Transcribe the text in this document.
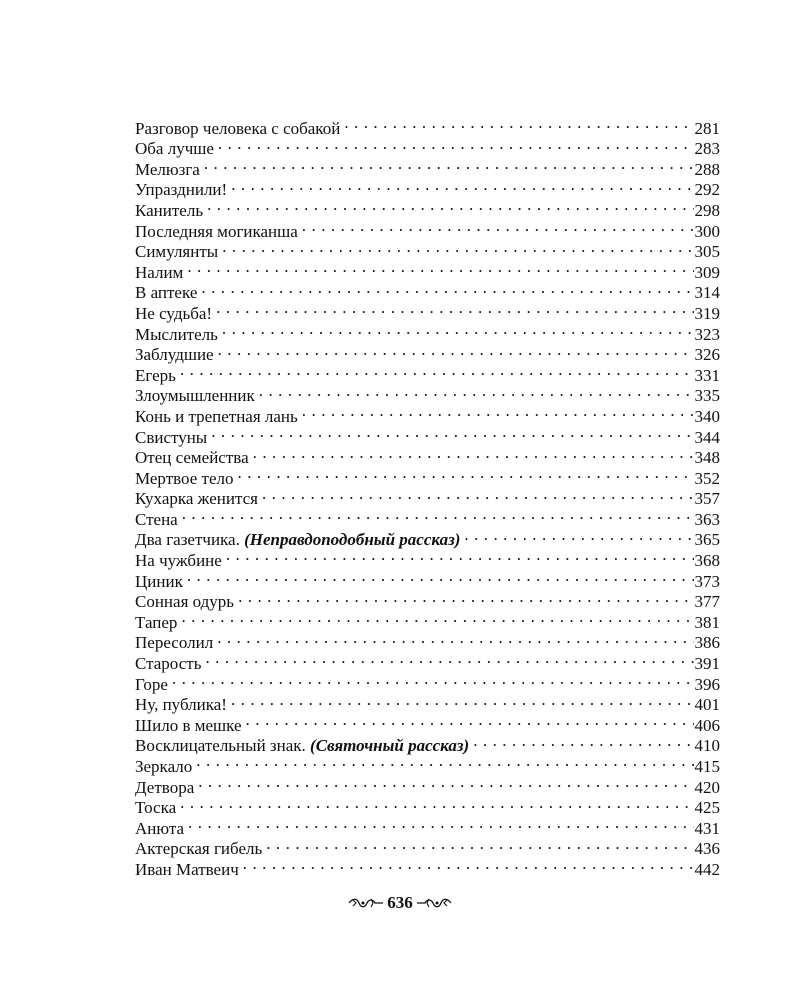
Разговор человека с собакой . . .	281
Оба лучше . . .	283
Мелюзга . . .	288
Упразднили! . . .	292
Канитель . . .	298
Последняя могиканша . . .	300
Симулянты . . .	305
Налим . . .	309
В аптеке . . .	314
Не судьба! . . .	319
Мыслитель . . .	323
Заблудшие . . .	326
Егерь . . .	331
Злоумышленник . . .	335
Конь и трепетная лань . . .	340
Свистуны . . .	344
Отец семейства . . .	348
Мертвое тело . . .	352
Кухарка женится . . .	357
Стена . . .	363
Два газетчика. (Неправдоподобный рассказ) . . .	365
На чужбине . . .	368
Циник . . .	373
Сонная одурь . . .	377
Тапер . . .	381
Пересолил . . .	386
Старость . . .	391
Горе . . .	396
Ну, публика! . . .	401
Шило в мешке . . .	406
Восклицательный знак. (Святочный рассказ) . . .	410
Зеркало . . .	415
Детвора . . .	420
Тоска . . .	425
Анюта . . .	431
Актерская гибель . . .	436
Иван Матвеич . . .	442
636
